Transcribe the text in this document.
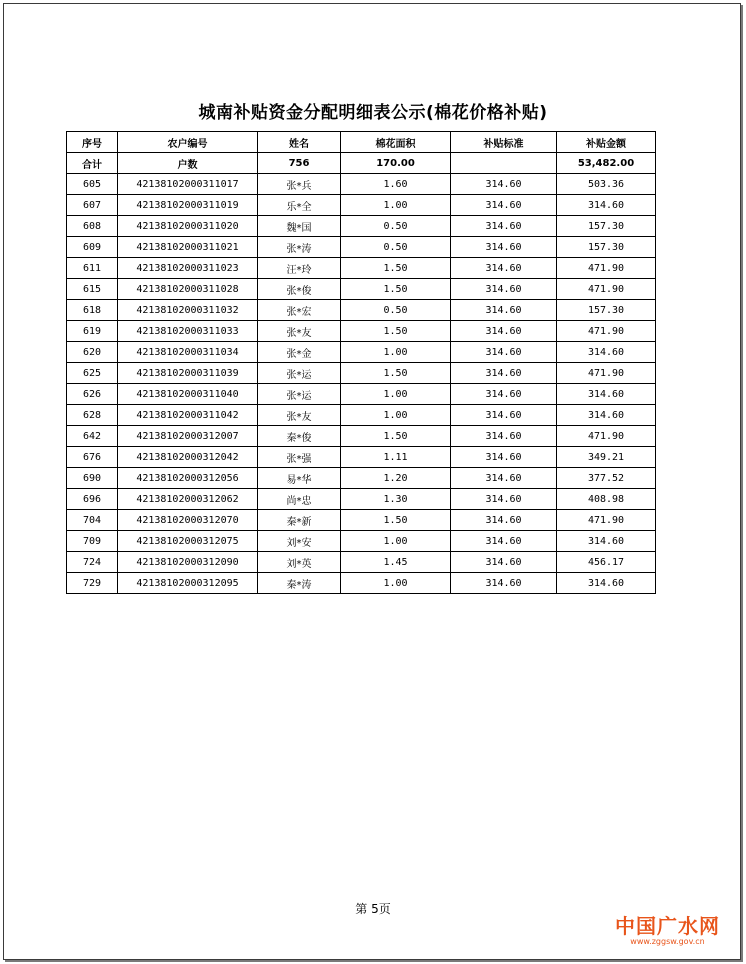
城南补贴资金分配明细表公示(棉花价格补贴)
序号	农户编号	姓名	棉花面积	补贴标准	补贴金额
合计	户数	756	170.00		53,482.00
605	42138102000311017	张*兵	1.60	314.60	503.36
607	42138102000311019	乐*全	1.00	314.60	314.60
608	42138102000311020	魏*国	0.50	314.60	157.30
609	42138102000311021	张*涛	0.50	314.60	157.30
611	42138102000311023	汪*玲	1.50	314.60	471.90
615	42138102000311028	张*俊	1.50	314.60	471.90
618	42138102000311032	张*宏	0.50	314.60	157.30
619	42138102000311033	张*友	1.50	314.60	471.90
620	42138102000311034	张*金	1.00	314.60	314.60
625	42138102000311039	张*运	1.50	314.60	471.90
626	42138102000311040	张*运	1.00	314.60	314.60
628	42138102000311042	张*友	1.00	314.60	314.60
642	42138102000312007	秦*俊	1.50	314.60	471.90
676	42138102000312042	张*强	1.11	314.60	349.21
690	42138102000312056	易*华	1.20	314.60	377.52
696	42138102000312062	尚*忠	1.30	314.60	408.98
704	42138102000312070	秦*新	1.50	314.60	471.90
709	42138102000312075	刘*安	1.00	314.60	314.60
724	42138102000312090	刘*英	1.45	314.60	456.17
729	42138102000312095	秦*涛	1.00	314.60	314.60
第 5页
中国广水网
www.zggsw.gov.cn
